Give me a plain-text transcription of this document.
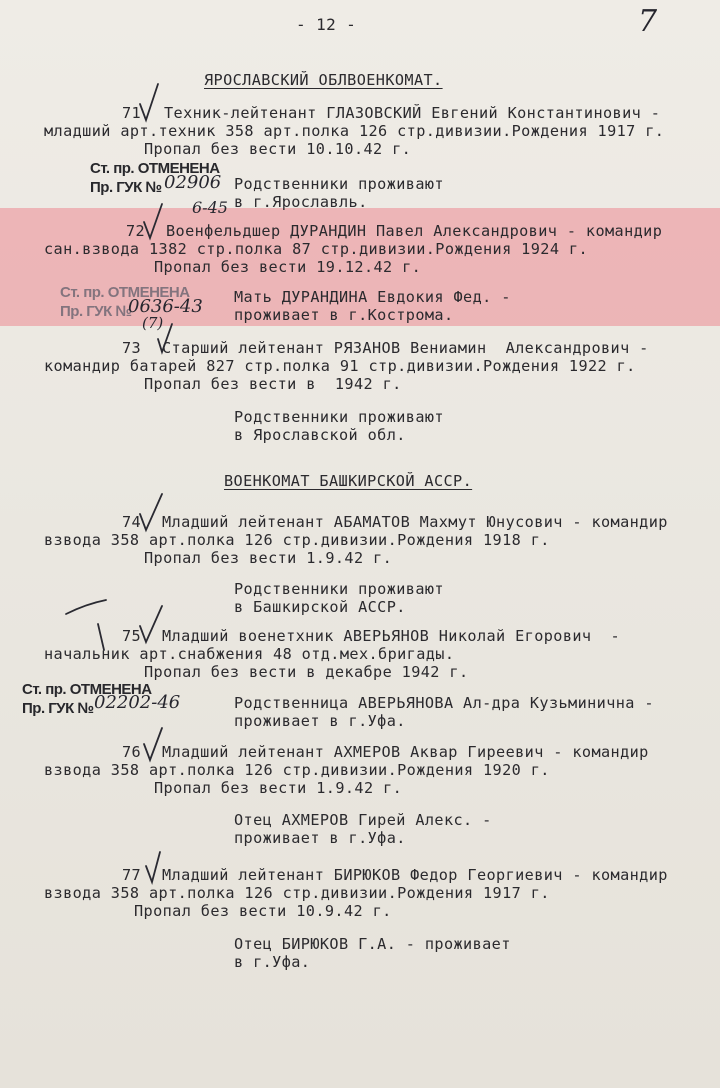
- 12 -	7
ЯРОСЛАВСКИЙ ОБЛВОЕНКОМАТ.
71 Техник-лейтенант ГЛАЗОВСКИЙ Евгений Константинович -
младший арт.техник 358 арт.полка 126 стр.дивизии.Рождения 1917 г.
Пропал без вести 10.10.42 г.
Ст. пр. ОТМЕНЕНА
Пр. ГУК № 02906
6-45
Родственники проживают
в г.Ярославль.
72 Военфельдшер ДУРАНДИН Павел Александрович - командир
сан.взвода 1382 стр.полка 87 стр.дивизии.Рождения 1924 г.
Пропал без вести 19.12.42 г.
Ст. пр. ОТМЕНЕНА
Пр. ГУК №
0636-43
(7)
Мать ДУРАНДИНА Евдокия Фед. -
проживает в г.Кострома.
73 Старший лейтенант РЯЗАНОВ Вениамин  Александрович -
командир батарей 827 стр.полка 91 стр.дивизии.Рождения 1922 г.
Пропал без вести в  1942 г.
Родственники проживают
в Ярославской обл.
ВОЕНКОМАТ БАШКИРСКОЙ АССР.
74 Младший лейтенант АБАМАТОВ Махмут Юнусович - командир
взвода 358 арт.полка 126 стр.дивизии.Рождения 1918 г.
Пропал без вести 1.9.42 г.
Родственники проживают
в Башкирской АССР.
75 Младший военетхник АВЕРЬЯНОВ Николай Егорович  -
начальник арт.снабжения 48 отд.мех.бригады.
Пропал без вести в декабре 1942 г.
Ст. пр. ОТМЕНЕНА
Пр. ГУК № 02202-46	Родственница АВЕРЬЯНОВА Ал-дра Кузьминична -
проживает в г.Уфа.
76 Младший лейтенант АХМЕРОВ Аквар Гиреевич - командир
взвода 358 арт.полка 126 стр.дивизии.Рождения 1920 г.
Пропал без вести 1.9.42 г.
Отец АХМЕРОВ Гирей Алекс. -
проживает в г.Уфа.
77 Младший лейтенант БИРЮКОВ Федор Георгиевич - командир
взвода 358 арт.полка 126 стр.дивизии.Рождения 1917 г.
Пропал без вести 10.9.42 г.
Отец БИРЮКОВ Г.А. - проживает
в г.Уфа.
